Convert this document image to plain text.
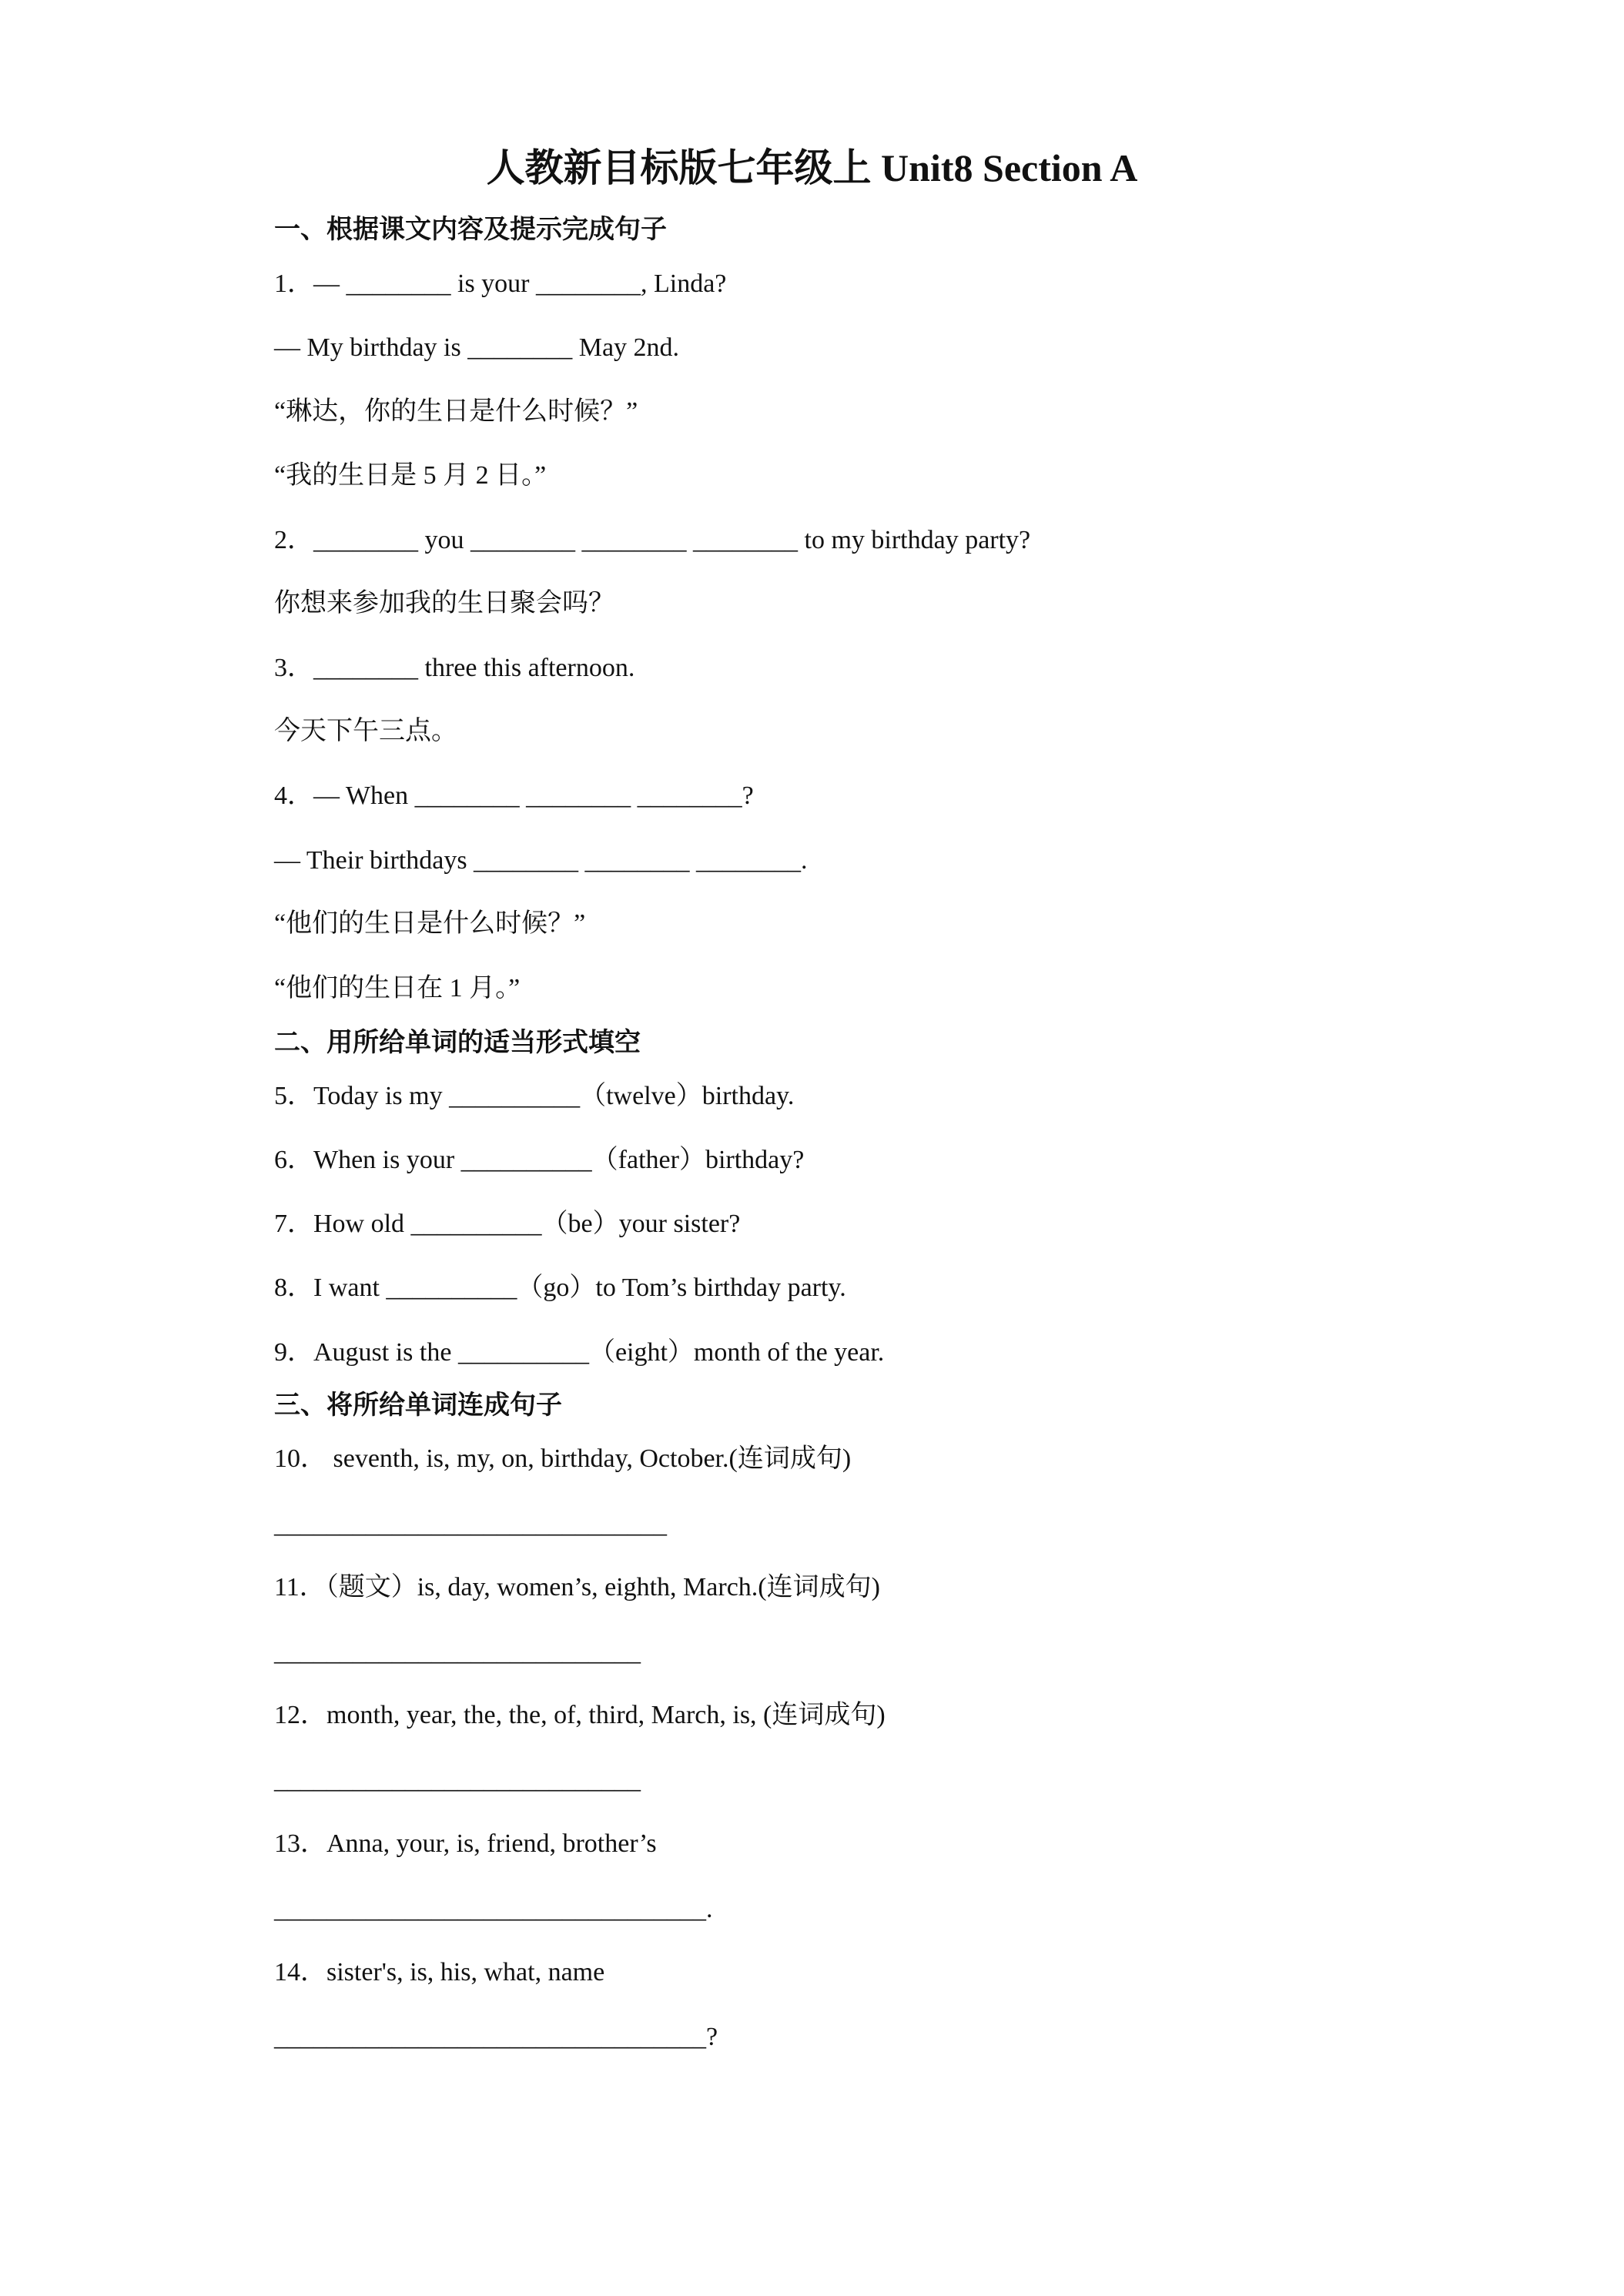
人教新目标版七年级上 Unit8 Section A
一、根据课文内容及提示完成句子
1．— ________ is your ________, Linda?
— My birthday is ________ May 2nd.
“琳达，你的生日是什么时候？”
“我的生日是 5 月 2 日。”
2．________ you ________ ________ ________ to my birthday party?
你想来参加我的生日聚会吗？
3．________ three this afternoon.
今天下午三点。
4．— When ________ ________ ________?
— Their birthdays ________ ________ ________.
“他们的生日是什么时候？”
“他们的生日在 1 月。”
二、用所给单词的适当形式填空
5．Today is my __________（twelve）birthday.
6．When is your __________（father）birthday?
7．How old __________（be）your sister?
8．I want __________（go）to Tom’s birthday party.
9．August is the __________（eight）month of the year.
三、将所给单词连成句子
10． seventh, is, my, on, birthday, October.(连词成句)
______________________________
11．（题文）is, day, women’s, eighth, March.(连词成句)
____________________________
12．month, year, the, the, of, third, March, is, (连词成句)
____________________________
13．Anna, your, is, friend, brother’s
_________________________________.
14．sister's, is, his, what, name
_________________________________?
